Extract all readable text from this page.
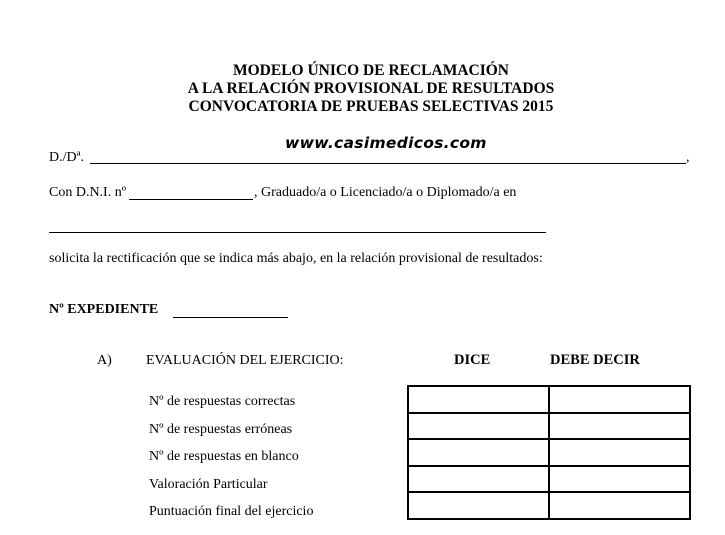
MODELO ÚNICO DE RECLAMACIÓN
A LA RELACIÓN PROVISIONAL DE RESULTADOS
CONVOCATORIA DE PRUEBAS SELECTIVAS 2015
www.casimedicos.com
D./Dª.	,
Con D.N.I. nº	, Graduado/a o Licenciado/a o Diplomado/a en
solicita la rectificación que se indica más abajo, en la relación provisional de resultados:
Nº EXPEDIENTE
A) EVALUACIÓN DEL EJERCICIO:	DICE	DEBE DECIR
Nº de respuestas correctas
Nº de respuestas erróneas
Nº de respuestas en blanco
Valoración Particular
Puntuación final del ejercicio
